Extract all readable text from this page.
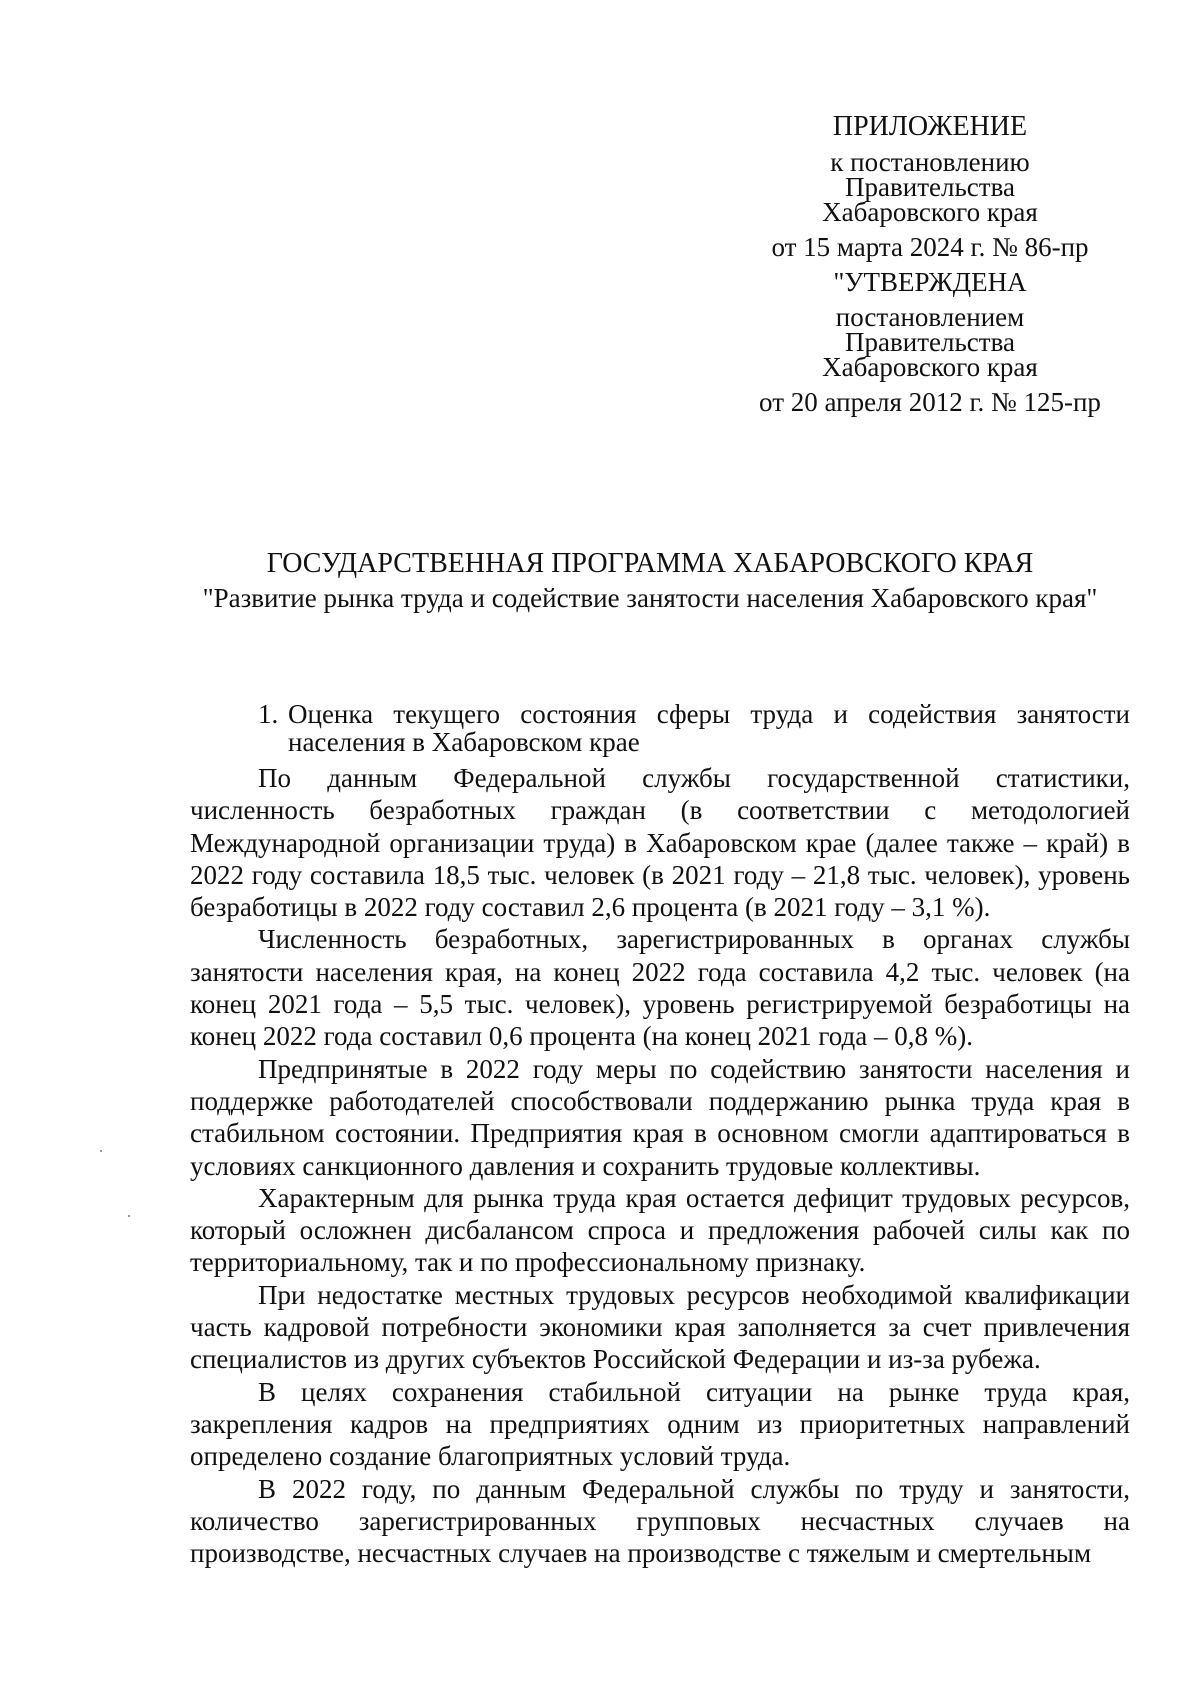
ПРИЛОЖЕНИЕ

к постановлению

Правительства

Хабаровского края

от 15 марта 2024 г. № 86-пр

"УТВЕРЖДЕНА

постановлением

Правительства

Хабаровского края

от 20 апреля 2012 г. № 125-пр

ГОСУДАРСТВЕННАЯ ПРОГРАММА ХАБАРОВСКОГО КРАЯ

"Развитие рынка труда и содействие занятости населения Хабаровского края"

1. Оценка текущего состояния сферы труда и содействия занятости населения в Хабаровском крае

По данным Федеральной службы государственной статистики, численность безработных граждан (в соответствии с методологией Международной организации труда) в Хабаровском крае (далее также – край) в 2022 году составила 18,5 тыс. человек (в 2021 году – 21,8 тыс. человек), уровень безработицы в 2022 году составил 2,6 процента (в 2021 году – 3,1 %).

Численность безработных, зарегистрированных в органах службы занятости населения края, на конец 2022 года составила 4,2 тыс. человек (на конец 2021 года – 5,5 тыс. человек), уровень регистрируемой безработицы на конец 2022 года составил 0,6 процента (на конец 2021 года – 0,8 %).

Предпринятые в 2022 году меры по содействию занятости населения и поддержке работодателей способствовали поддержанию рынка труда края в стабильном состоянии. Предприятия края в основном смогли адаптироваться в условиях санкционного давления и сохранить трудовые коллективы.

Характерным для рынка труда края остается дефицит трудовых ресурсов, который осложнен дисбалансом спроса и предложения рабочей силы как по территориальному, так и по профессиональному признаку.

При недостатке местных трудовых ресурсов необходимой квалификации часть кадровой потребности экономики края заполняется за счет привлечения специалистов из других субъектов Российской Федерации и из-за рубежа.

В целях сохранения стабильной ситуации на рынке труда края, закрепления кадров на предприятиях одним из приоритетных направлений определено создание благоприятных условий труда.

В 2022 году, по данным Федеральной службы по труду и занятости, количество зарегистрированных групповых несчастных случаев на производстве, несчастных случаев на производстве с тяжелым и смертельным
